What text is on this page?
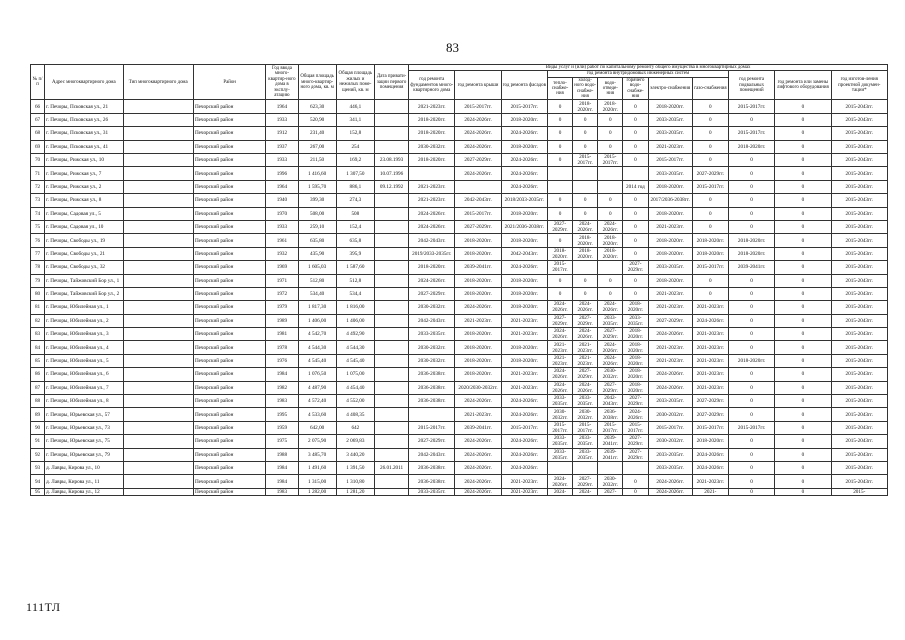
83
№ п/п	Адрес многоквартирного дома	Тип многоквартирного дома	Район	Год ввода много-квартир-ного дома в эксплу-атацию	Общая площадь много-квартир-ного дома, кв. м	Общая площадь жилых и нежилых поме-щений, кв. м	Дата привати-зации первого помещения	Виды услуг и (или) работ по капитальному ремонту общего имущества в многоквартирных домах											
								год ремонта фундаментов много-квартирного дома	год ремонта крыши	год ремонта фасадов	год ремонта внутридомовых инженерных систем						год ремонта подвальных помещений	год ремонта или замены лифтового оборудования	год изготов-ления проектной докумен-тации*
											тепло-снабже-ния	холод-ного водо-снабже-ния	водо-отведе-ния	горячего водо-снабже-ния	электро-снабжения	газо-снабжения			
66	г. Печоры, Псковская ул., 21		Печорский район	1964	623,30	446,1		2021-2023гг.	2015-2017гг.	2015-2017гг.	0	2018-2020гг.	2018-2020гг.	0	2018-2020гг.	0	2015-2017гг.	0	2015-2043гг.
67	г. Печоры, Псковская ул., 26		Печорский район	1933	520,90	341,1		2018-2020гг.	2024-2026гг.	2018-2020гг.	0	0	0	0	2033-2035гг.	0	0	0	2015-2043гг.
68	г. Печоры, Псковская ул., 31		Печорский район	1912	231,40	152,8		2018-2020гг.	2024-2026гг.	2024-2026гг.	0	0	0	0	2033-2035гг.	0	2015-2017гг.	0	2015-2043гг.
69	г. Печоры, Псковская ул., 41		Печорский район	1937	267,00	254		2030-2032гг.	2024-2026гг.	2018-2020гг.	0	0	0	0	2021-2023гг.	0	2018-2020гг.	0	2015-2043гг.
70	г. Печоры, Рижская ул., 10		Печорский район	1933	211,50	169,2	23.08.1993	2018-2020гг.	2027-2029гг.	2024-2026гг.	0	2015-2017гг.	2015-2017гг.	0	2015-2017гг.	0	0	0	2015-2043гг.
71	г. Печоры, Рижская ул., 7		Печорский район	1996	1 416,60	1 307,50	10.07.1996		2024-2026гг.	2024-2026гг.					2033-2035гг.	2027-2029гг.	0	0	2015-2043гг.
72	г. Печоры, Рижская ул., 2		Печорский район	1964	1 595,70	886,1	09.12.1992	2021-2023гг.		2024-2026гг.				2014 год	2018-2020гг.	2015-2017гг.	0	0	2015-2043гг.
73	г. Печоры, Рижская ул., 8		Печорский район	1940	399,30	274,3		2021-2023гг.	2042-2043гг.	2018/2033-2035гг.	0	0	0	0	2017/2036-2038гг.	0	0	0	2015-2043гг.
74	г. Печоры, Садовая ул., 5		Печорский район	1970	508,00	508		2024-2026гг.	2015-2017гг.	2018-2020гг.	0	0	0	0	2018-2020гг.	0	0	0	2015-2043гг.
75	г. Печоры, Садовая ул., 10		Печорский район	1933	259,10	152,4		2024-2026гг.	2027-2029гг.	2021/2036-2038гг.	2027-2029гг.	2024-2026гг.	2024-2026гг.	0	2021-2023гг.	0	0	0	2015-2043гг.
76	г. Печоры, Свободы ул., 19		Печорский район	1961	635,80	635,8		2042-2043гг.	2018-2020гг.	2018-2020гг.	0	2018-2020гг.	2018-2020гг.	0	2018-2020гг.	2018-2020гг.	2018-2020гг.	0	2015-2043гг.
77	г. Печоры, Свободы ул., 21		Печорский район	1932	435,90	395,9		2019/2033-2035гг.	2018-2020гг.	2042-2043гг.	2018-2020гг.	2018-2020гг.	2018-2020гг.	0	2018-2020гг.	2018-2020гг.	2018-2020гг.	0	2015-2043гг.
78	г. Печоры, Свободы ул., 32		Печорский район	1969	1 605,03	1 587,60		2018-2020гг.	2039-2041гг.	2024-2026гг.	2015-2017гг.			2027-2029гг.	2033-2035гг.	2015-2017гг.	2039-2041гг.	0	2015-2043гг.
79	г. Печоры, Тайжовский Бор ул., 1		Печорский район	1971	512,80	512,8		2024-2026гг.	2018-2020гг.	2018-2020гг.	0	0	0	0	2018-2020гг.	0	0	0	2015-2043гг.
80	г. Печоры, Тайжовский Бор ул., 2		Печорский район	1972	534,40	534,4		2027-2029гг.	2018-2020гг.	2018-2020гг.	0	0	0	0	2021-2023гг.	0	0	0	2015-2043гг.
81	г. Печоры, Юбилейная ул., 1		Печорский район	1979	1 817,30	1 816,00		2030-2032гг.	2024-2026гг.	2018-2020гг.	2024-2026гг.	2024-2026гг.	2024-2026гг.	2018-2020гг.	2021-2023гг.	2021-2023гг.	0	0	2015-2043гг.
82	г. Печоры, Юбилейная ул., 2		Печорский район	1989	1 406,00	1 406,00		2042-2043гг.	2021-2023гг.	2021-2023гг.	2027-2029гг.	2027-2029гг.	2033-2035гг.	2033-2035гг.	2027-2029гг.	2024-2026гг.	0	0	2015-2043гг.
83	г. Печоры, Юбилейная ул., 3		Печорский район	1981	4 542,70	4 492,90		2033-2035гг.	2018-2020гг.	2021-2023гг.	2024-2026гг.	2024-2026гг.	2027-2029гг.	2018-2020гг.	2024-2026гг.	2021-2023гг.	0	0	2015-2043гг.
84	г. Печоры, Юбилейная ул., 4		Печорский район	1978	4 544,30	4 544,30		2030-2032гг.	2018-2020гг.	2018-2020гг.	2021-2023гг.	2021-2023гг.	2024-2026гг.	2018-2020гг.	2021-2023гг.	2021-2023гг.	0	0	2015-2043гг.
85	г. Печоры, Юбилейная ул., 5		Печорский район	1976	4 545,40	4 545,40		2030-2032гг.	2018-2020гг.	2018-2020гг.	2021-2023гг.	2021-2023гг.	2024-2026гг.	2018-2020гг.	2021-2023гг.	2021-2023гг.	2018-2020гг.	0	2015-2043гг.
86	г. Печоры, Юбилейная ул., 6		Печорский район	1984	1 076,50	1 075,00		2036-2038гг.	2018-2020гг.	2021-2023гг.	2024-2026гг.	2027-2029гг.	2030-2032гг.	2018-2020гг.	2024-2026гг.	2021-2023гг.	0	0	2015-2043гг.
87	г. Печоры, Юбилейная ул., 7		Печорский район	1982	4 487,90	4 454,40		2036-2038гг.	2020/2030-2032гг.	2021-2023гг.	2024-2026гг.	2024-2026гг.	2027-2029гг.	2018-2020гг.	2024-2026гг.	2021-2023гг.	0	0	2015-2043гг.
88	г. Печоры, Юбилейная ул., 8		Печорский район	1983	4 572,40	4 552,00		2036-2038гг.	2024-2026гг.	2024-2026гг.	2033-2035гг.	2033-2035гг.	2042-2043гг.	2027-2029гг.	2033-2035гг.	2027-2029гг.	0	0	2015-2043гг.
89	г. Печоры, Юрьевская ул., 57		Печорский район	1995	4 533,60	4 408,35			2021-2023гг.	2024-2026гг.	2030-2032гг.	2030-2032гг.	2036-2038гг.	2024-2026гг.	2030-2032гг.	2027-2029гг.	0	0	2015-2043гг.
90	г. Печоры, Юрьевская ул., 73		Печорский район	1959	642,00	642		2015-2017гг.	2039-2041гг.	2015-2017гг.	2015-2017гг.	2015-2017гг.	2015-2017гг.	2015-2017гг.	2015-2017гг.	2015-2017гг.	2015-2017гг.	0	2015-2043гг.
91	г. Печоры, Юрьевская ул., 75		Печорский район	1975	2 075,90	2 069,83		2027-2029гг.	2024-2026гг.	2024-2026гг.	2033-2035гг.	2033-2035гг.	2039-2041гг.	2027-2029гг.	2030-2032гг.	2018-2020гг.	0	0	2015-2043гг.
92	г. Печоры, Юрьевская ул., 79		Печорский район	1988	3 485,70	3 440,20		2042-2043гг.	2024-2026гг.	2024-2026гг.	2033-2035гг.	2033-2035гг.	2039-2041гг.	2027-2029гг.	2033-2035гг.	2024-2026гг.	0	0	2015-2043гг.
93	д. Лавры, Кирова ул., 10		Печорский район	1984	1 491,60	1 391,50	26.01.2011	2036-2038гг.	2024-2026гг.	2024-2026гг.					2033-2035гг.	2024-2026гг.	0	0	2015-2043гг.
94	д. Лавры, Кирова ул., 11		Печорский район	1984	1 315,00	1 310,80		2036-2038гг.	2024-2026гг.	2021-2023гг.	2024-2026гг.	2027-2029гг.	2030-2032гг.	0	2024-2026гг.	2021-2023гг.	0	0	2015-2043гг.
95	д. Лавры, Кирова ул., 12		Печорский район	1983	1 282,00	1 281,20		2033-2035гг.	2024-2026гг.	2021-2023гг.	2024-	2024-	2027-	0	2024-2026гг.	2021-	0	0	2015-
111ТЛ
